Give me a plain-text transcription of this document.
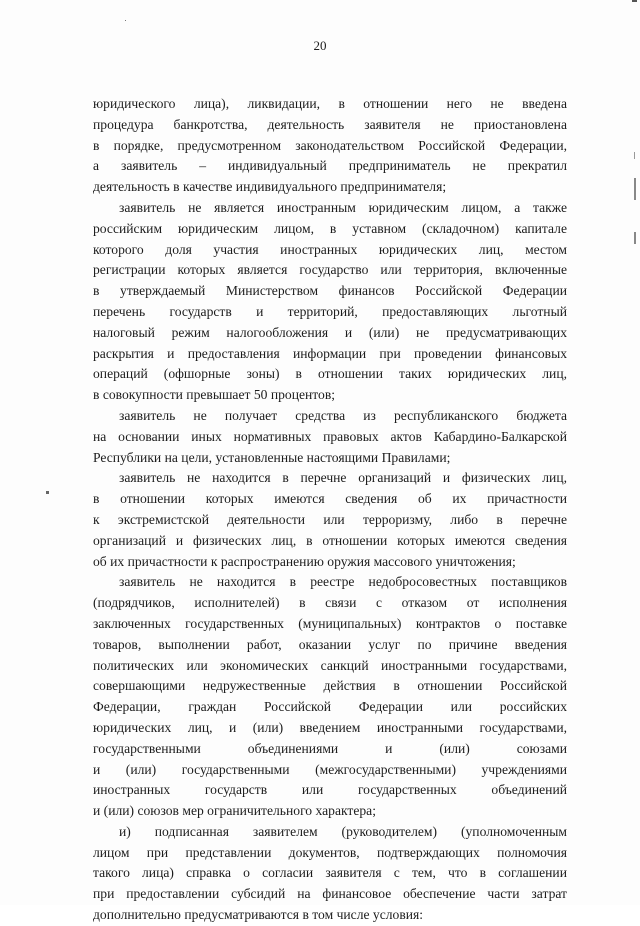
20
юридического лица), ликвидации, в отношении него не введена
процедура банкротства, деятельность заявителя не приостановлена
в порядке, предусмотренном законодательством Российской Федерации,
а заявитель – индивидуальный предприниматель не прекратил
деятельность в качестве индивидуального предпринимателя;
заявитель не является иностранным юридическим лицом, а также
российским юридическим лицом, в уставном (складочном) капитале
которого доля участия иностранных юридических лиц, местом
регистрации которых является государство или территория, включенные
в утверждаемый Министерством финансов Российской Федерации
перечень государств и территорий, предоставляющих льготный
налоговый режим налогообложения и (или) не предусматривающих
раскрытия и предоставления информации при проведении финансовых
операций (офшорные зоны) в отношении таких юридических лиц,
в совокупности превышает 50 процентов;
заявитель не получает средства из республиканского бюджета
на основании иных нормативных правовых актов Кабардино-Балкарской
Республики на цели, установленные настоящими Правилами;
заявитель не находится в перечне организаций и физических лиц,
в отношении которых имеются сведения об их причастности
к экстремистской деятельности или терроризму, либо в перечне
организаций и физических лиц, в отношении которых имеются сведения
об их причастности к распространению оружия массового уничтожения;
заявитель не находится в реестре недобросовестных поставщиков
(подрядчиков, исполнителей) в связи с отказом от исполнения
заключенных государственных (муниципальных) контрактов о поставке
товаров, выполнении работ, оказании услуг по причине введения
политических или экономических санкций иностранными государствами,
совершающими недружественные действия в отношении Российской
Федерации, граждан Российской Федерации или российских
юридических лиц, и (или) введением иностранными государствами,
государственными объединениями и (или) союзами
и (или) государственными (межгосударственными) учреждениями
иностранных государств или государственных объединений
и (или) союзов мер ограничительного характера;
и) подписанная заявителем (руководителем) (уполномоченным
лицом при представлении документов, подтверждающих полномочия
такого лица) справка о согласии заявителя с тем, что в соглашении
при предоставлении субсидий на финансовое обеспечение части затрат
дополнительно предусматриваются в том числе условия:
